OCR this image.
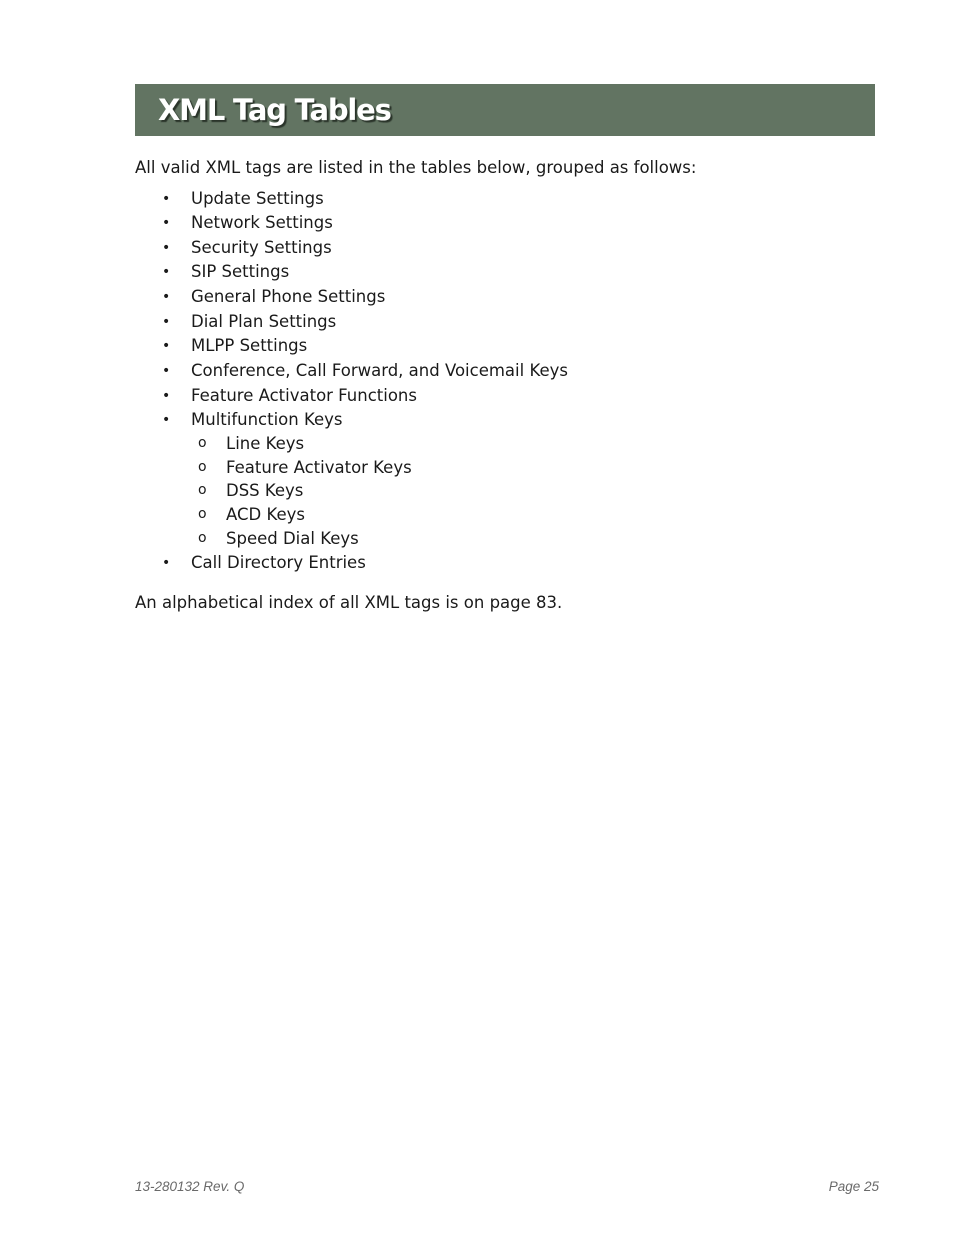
XML Tag Tables

All valid XML tags are listed in the tables below, grouped as follows:

• Update Settings
• Network Settings
• Security Settings
• SIP Settings
• General Phone Settings
• Dial Plan Settings
• MLPP Settings
• Conference, Call Forward, and Voicemail Keys
• Feature Activator Functions
• Multifunction Keys
o Line Keys
o Feature Activator Keys
o DSS Keys
o ACD Keys
o Speed Dial Keys
• Call Directory Entries

An alphabetical index of all XML tags is on page 83.

13-280132 Rev. Q	Page 25
